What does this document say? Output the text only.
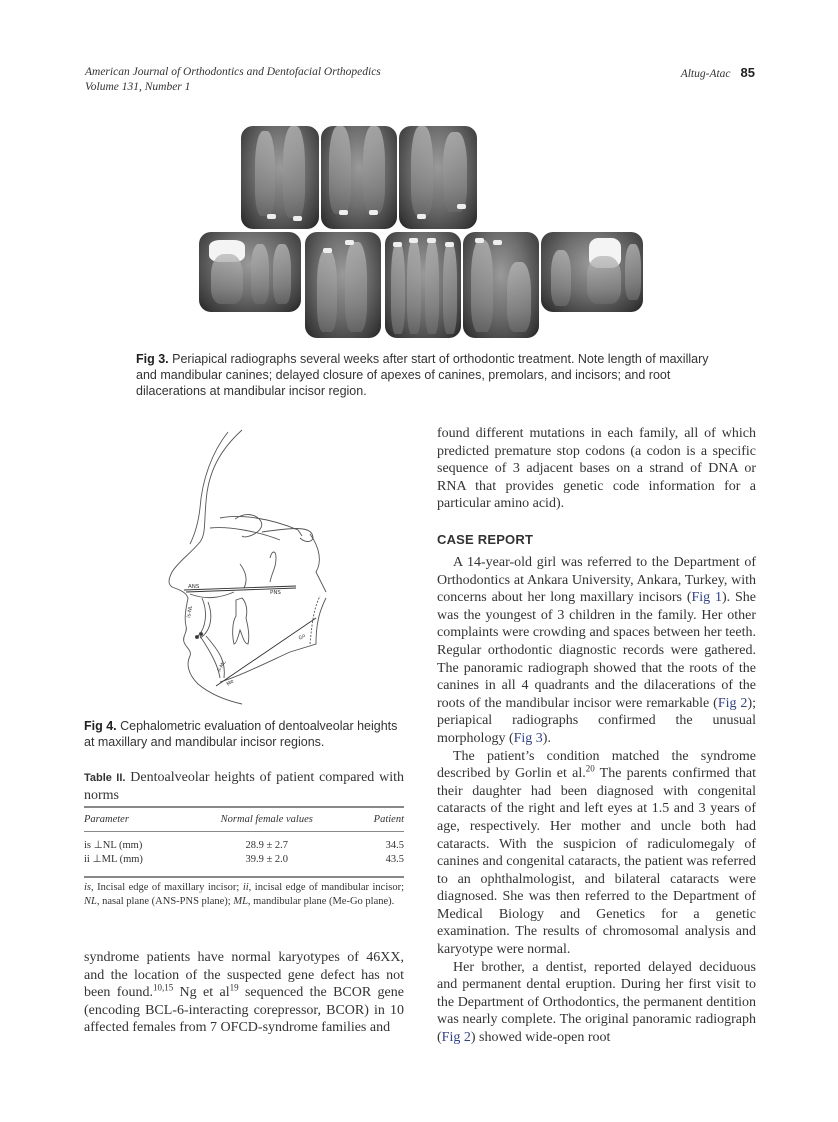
American Journal of Orthodontics and Dentofacial Orthopedics
Volume 131, Number 1
Altug-Atac 85
Fig 3. Periapical radiographs several weeks after start of orthodontic treatment. Note length of maxillary and mandibular canines; delayed closure of apexes of canines, premolars, and incisors; and root dilacerations at mandibular incisor region.
ANS
PNS
is-NL
ii-ML
Go
Me
Fig 4. Cephalometric evaluation of dentoalveolar heights at maxillary and mandibular incisor regions.
Table II. Dentoalveolar heights of patient compared with norms
Parameter	Normal female values	Patient
is ⊥NL (mm)	28.9 ± 2.7	34.5
ii ⊥ML (mm)	39.9 ± 2.0	43.5
is, Incisal edge of maxillary incisor; ii, incisal edge of mandibular incisor; NL, nasal plane (ANS-PNS plane); ML, mandibular plane (Me-Go plane).

syndrome patients have normal karyotypes of 46XX, and the location of the suspected gene defect has not been found.$^{10,15}$ Ng et $al^{19}$ sequenced the BCOR gene (encoding BCL-6-interacting corepressor, BCOR) in 10 affected females from 7 OFCD-syndrome families and

found different mutations in each family, all of which predicted premature stop codons (a codon is a specific sequence of 3 adjacent bases on a strand of DNA or RNA that provides genetic code information for a particular amino acid).

CASE REPORT

A 14-year-old girl was referred to the Department of Orthodontics at Ankara University, Ankara, Turkey, with concerns about her long maxillary incisors (Fig 1). She was the youngest of 3 children in the family. Her other complaints were crowding and spaces between her teeth. Regular orthodontic diagnostic records were gathered. The panoramic radiograph showed that the roots of the canines in all 4 quadrants and the dilacerations of the roots of the mandibular incisor were remarkable (Fig 2); periapical radiographs confirmed the unusual morphology (Fig 3).

The patient’s condition matched the syndrome described by Gorlin et al.$^{20}$ The parents confirmed that their daughter had been diagnosed with congenital cataracts of the right and left eyes at 1.5 and 3 years of age, respectively. Her mother and uncle both had cataracts. With the suspicion of radiculomegaly of canines and congenital cataracts, the patient was referred to an ophthalmologist, and bilateral cataracts were diagnosed. She was then referred to the Department of Medical Biology and Genetics for a genetic examination. The results of chromosomal analysis and karyotype were normal.

Her brother, a dentist, reported delayed deciduous and permanent dental eruption. During her first visit to the Department of Orthodontics, the permanent dentition was nearly complete. The original panoramic radiograph (Fig 2) showed wide-open root
